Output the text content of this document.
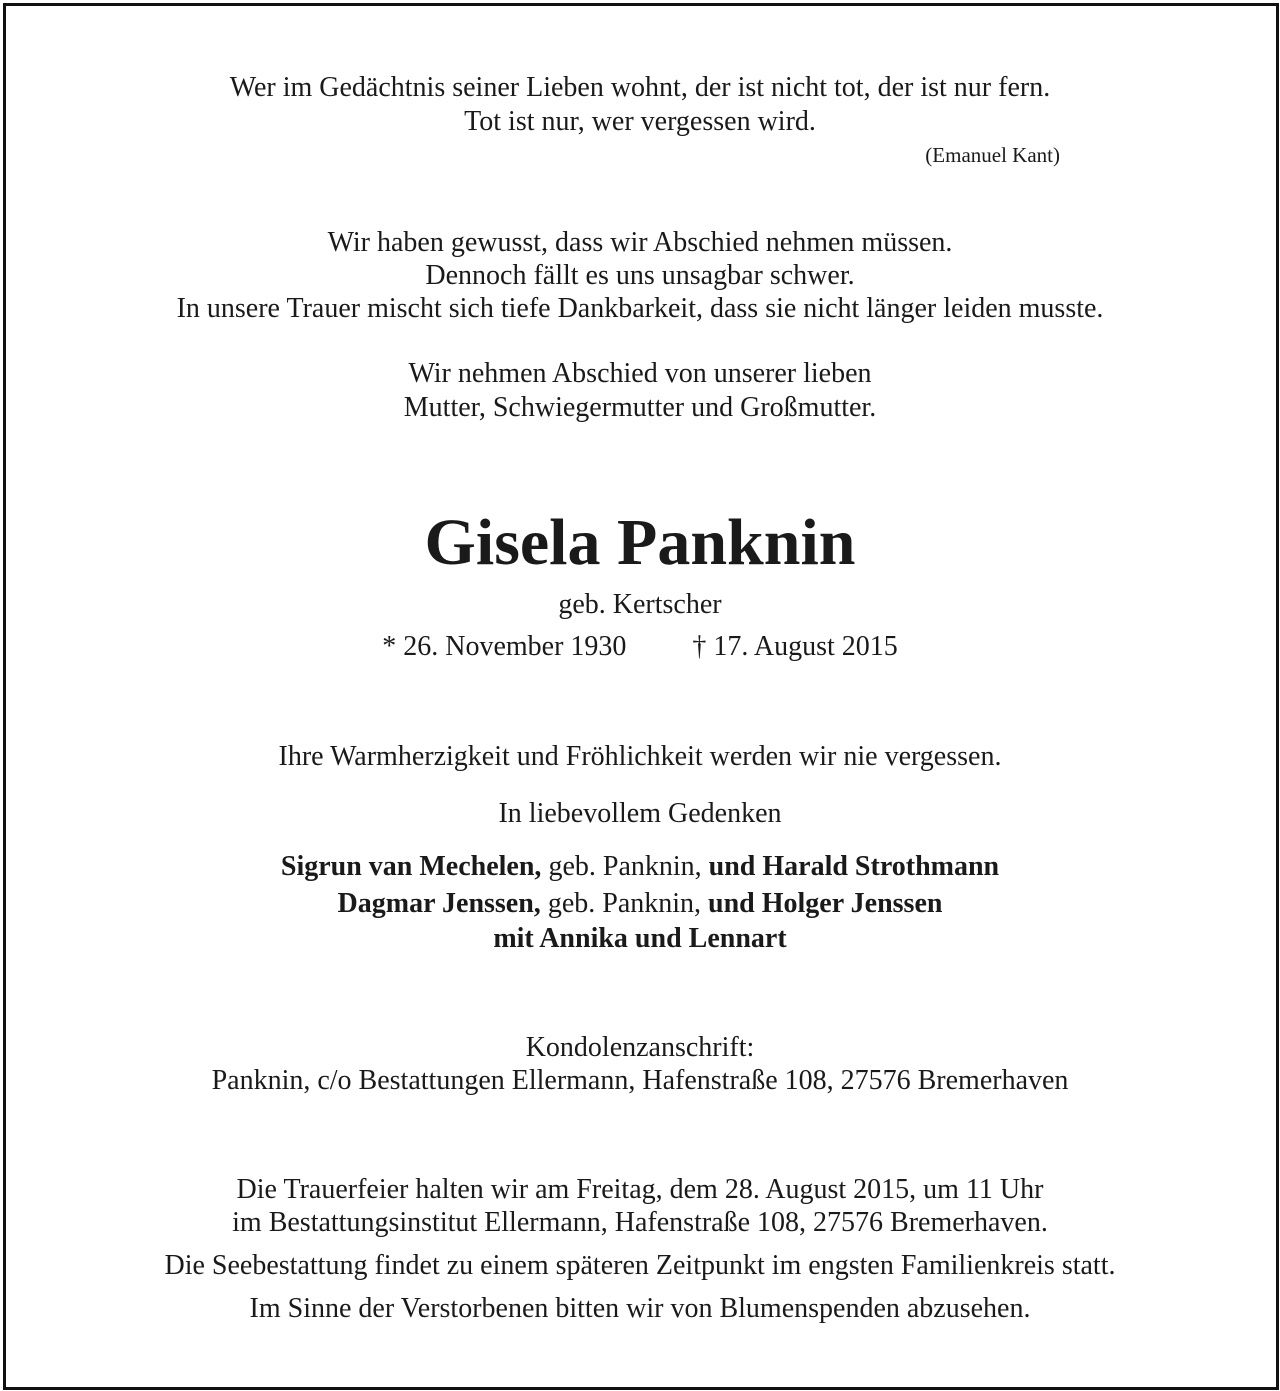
Wer im Gedächtnis seiner Lieben wohnt, der ist nicht tot, der ist nur fern.
Tot ist nur, wer vergessen wird.
(Emanuel Kant)
Wir haben gewusst, dass wir Abschied nehmen müssen.
Dennoch fällt es uns unsagbar schwer.
In unsere Trauer mischt sich tiefe Dankbarkeit, dass sie nicht länger leiden musste.
Wir nehmen Abschied von unserer lieben
Mutter, Schwiegermutter und Großmutter.
Gisela Panknin
geb. Kertscher
* 26. November 1930 † 17. August 2015
Ihre Warmherzigkeit und Fröhlichkeit werden wir nie vergessen.
In liebevollem Gedenken
Sigrun van Mechelen, geb. Panknin, und Harald Strothmann
Dagmar Jenssen, geb. Panknin, und Holger Jenssen
mit Annika und Lennart
Kondolenzanschrift:
Panknin, c/o Bestattungen Ellermann, Hafenstraße 108, 27576 Bremerhaven
Die Trauerfeier halten wir am Freitag, dem 28. August 2015, um 11 Uhr
im Bestattungsinstitut Ellermann, Hafenstraße 108, 27576 Bremerhaven.
Die Seebestattung findet zu einem späteren Zeitpunkt im engsten Familienkreis statt.
Im Sinne der Verstorbenen bitten wir von Blumenspenden abzusehen.
